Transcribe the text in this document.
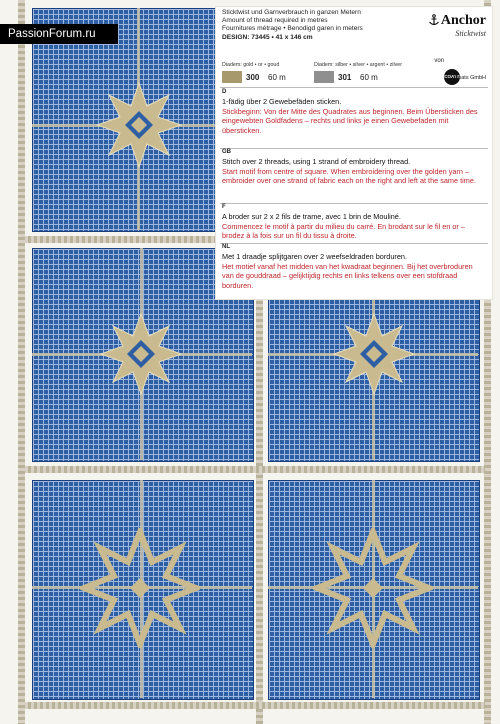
PassionForum.ru
Sticktwist und Garnverbrauch in ganzen Metern
Amount of thread required in metres
Fournitures métrage • Benodigd garen in meters
DESIGN: 73445 • 41 x 146 cm
Anchor
Sticktwist
von
COATS
Coats GmbH
Diadem: gold • or • goud	Diadem: silber • silver • argent • zilver
300 60 m	301 60 m
D
1-fädig über 2 Gewebefäden sticken.
Stickbeginn: Von der Mitte des Quadrates aus beginnen. Beim Übersticken des eingewebten Goldfadens – rechts und links je einen Gewebefaden mit übersticken.
GB
Stitch over 2 threads, using 1 strand of embroidery thread.
Start motif from centre of square. When embroidering over the golden yarn – embroider over one strand of fabric each on the right and left at the same time.
F
A broder sur 2 x 2 fils de trame, avec 1 brin de Mouliné.
Commencez le motif à partir du milieu du carré. En brodant sur le fil en or – brodez à la fois sur un fil du tissu à droite.
NL
Met 1 draadje splijtgaren over 2 weefseldraden borduren.
Het motief vanaf het midden van het kwadraat beginnen. Bij het overbroduren van de gouddraad – gelijktijdig rechts en links telkens over een stofdraad borduren.
